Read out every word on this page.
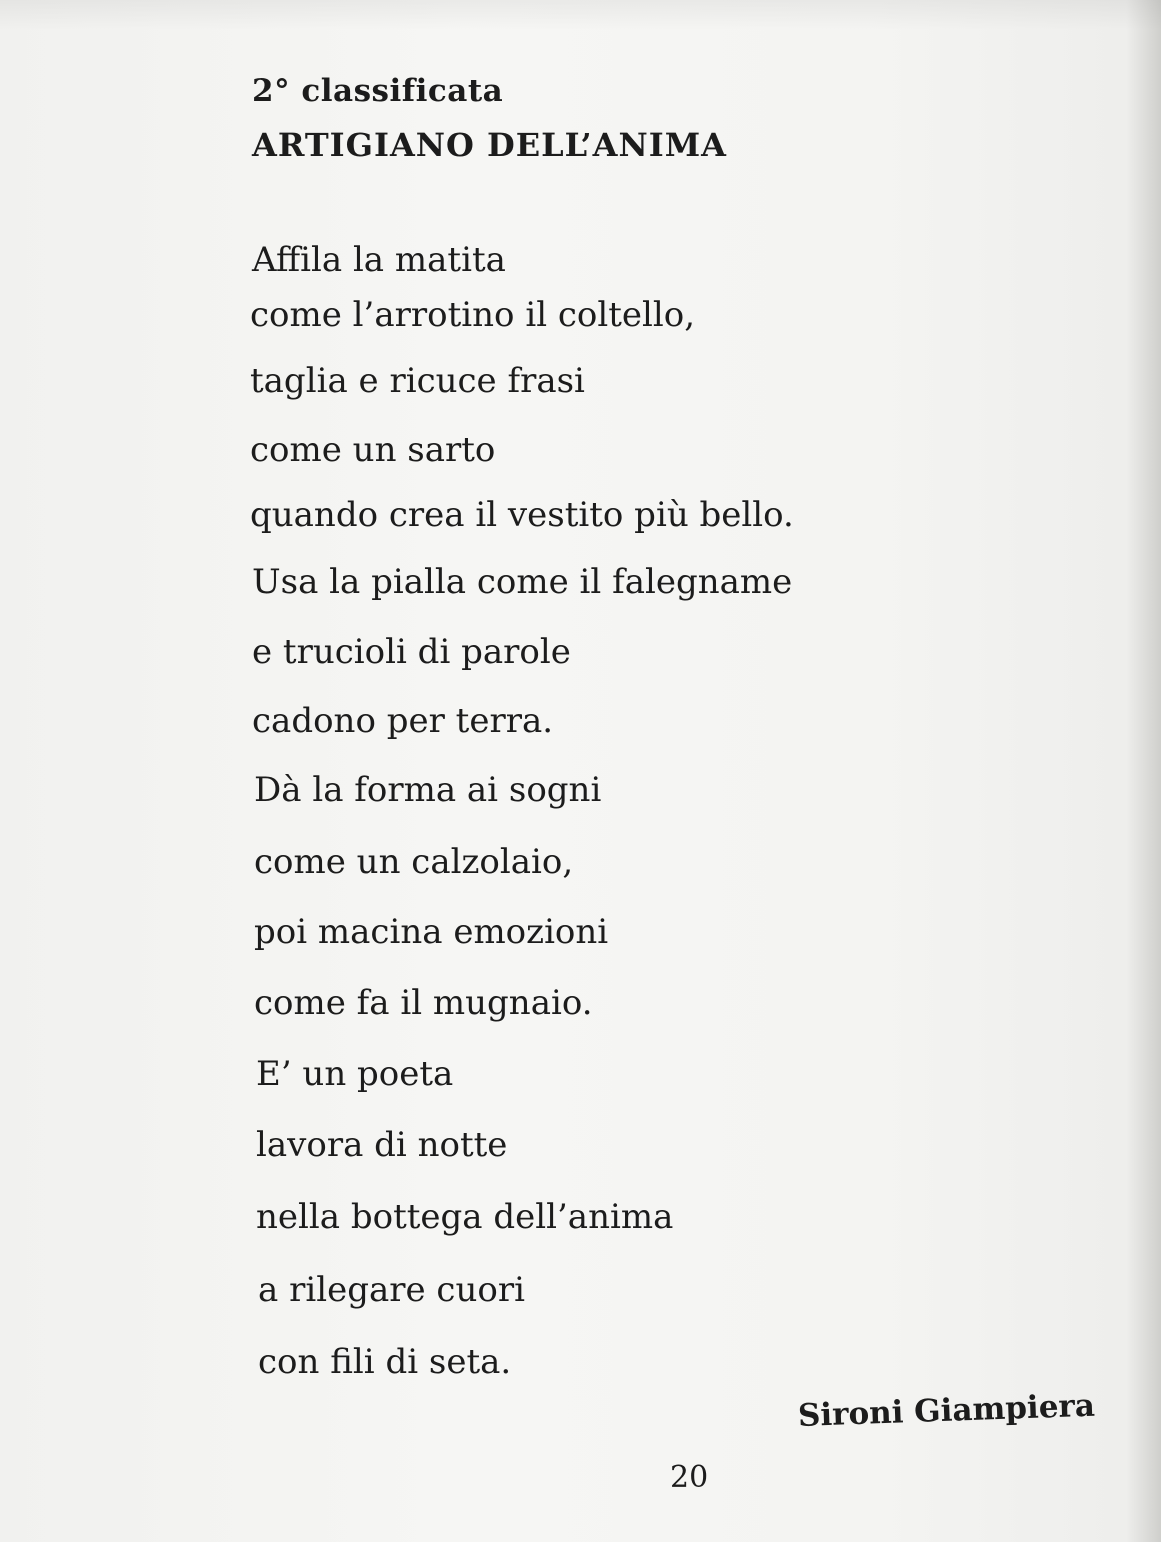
2° classificata
ARTIGIANO DELL’ANIMA
Affila la matita
come l’arrotino il coltello,
taglia e ricuce frasi
come un sarto
quando crea il vestito più bello.
Usa la pialla come il falegname
e trucioli di parole
cadono per terra.
Dà la forma ai sogni
come un calzolaio,
poi macina emozioni
come fa il mugnaio.
E’ un poeta
lavora di notte
nella bottega dell’anima
a rilegare cuori
con fili di seta.
Sironi Giampiera
20
